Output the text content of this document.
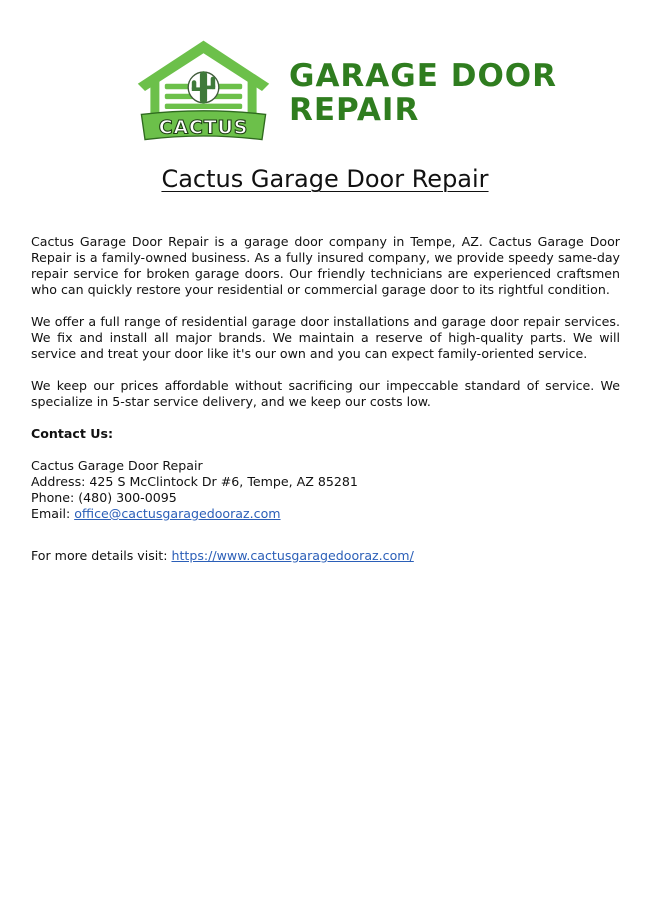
CACTUS
GARAGE DOOR
REPAIR
Cactus Garage Door Repair

Cactus Garage Door Repair is a garage door company in Tempe, AZ. Cactus Garage Door Repair is a family-owned business. As a fully insured company, we provide speedy same-day repair service for broken garage doors. Our friendly technicians are experienced craftsmen who can quickly restore your residential or commercial garage door to its rightful condition.

We offer a full range of residential garage door installations and garage door repair services. We fix and install all major brands. We maintain a reserve of high-quality parts. We will service and treat your door like it's our own and you can expect family-oriented service.

We keep our prices affordable without sacrificing our impeccable standard of service. We specialize in 5-star service delivery, and we keep our costs low.

Contact Us:

Cactus Garage Door Repair

Address: 425 S McClintock Dr #6, Tempe, AZ 85281

Phone: (480) 300-0095

Email: office@cactusgaragedooraz.com

For more details visit: https://www.cactusgaragedooraz.com/
